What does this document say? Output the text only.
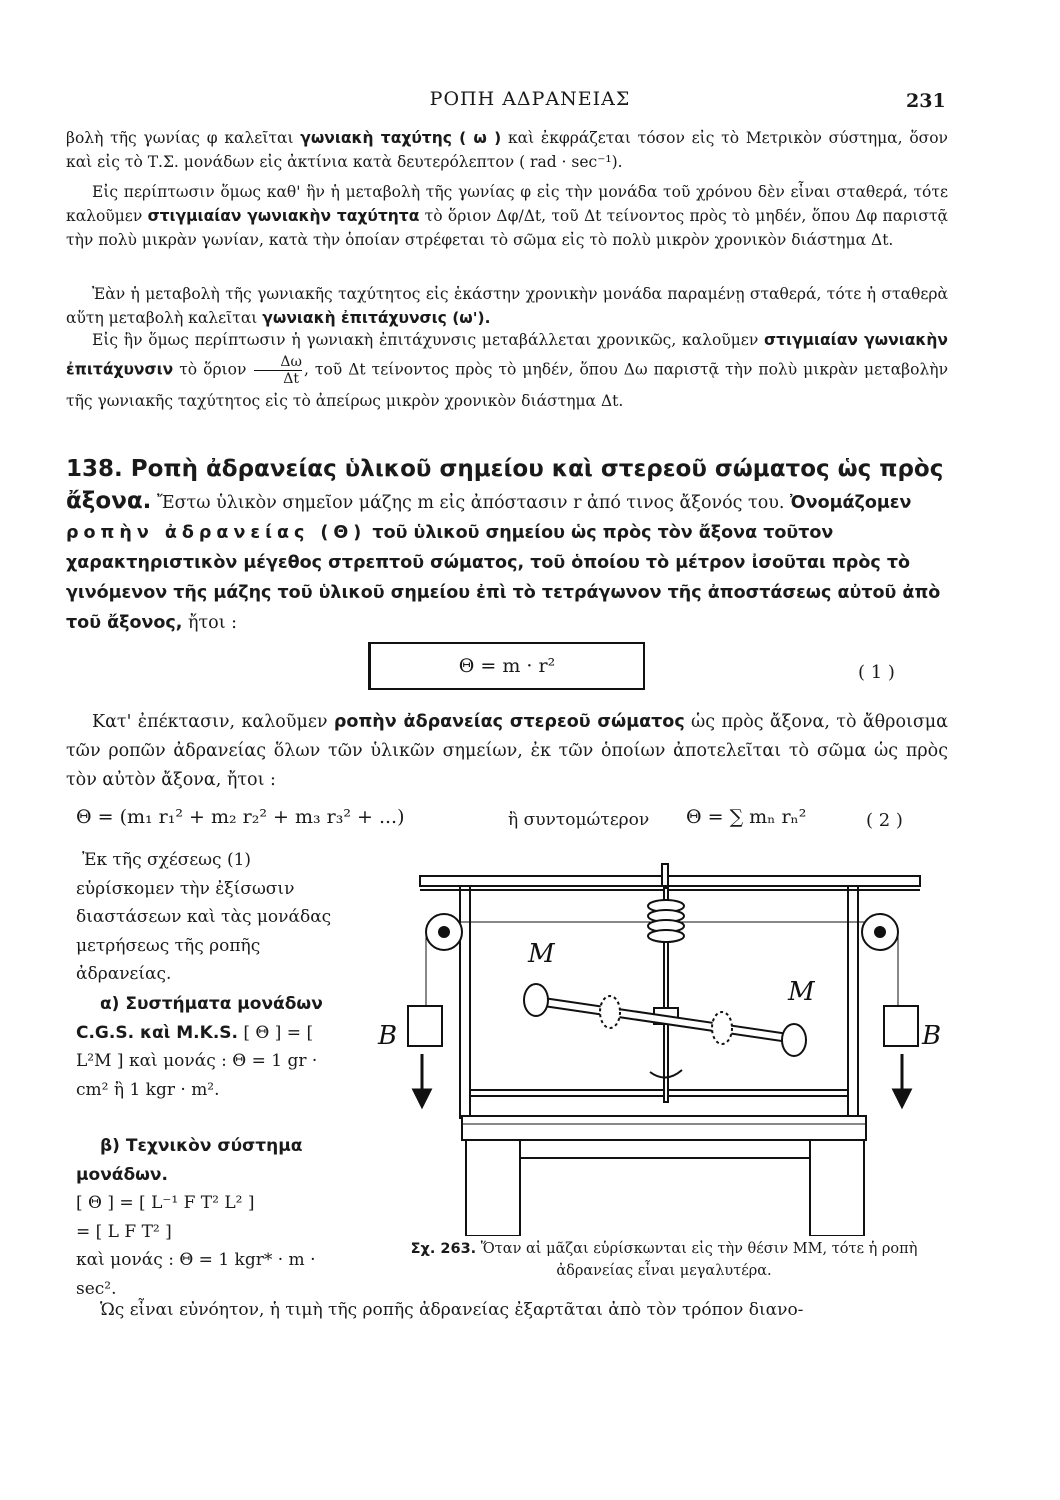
ΡΟΠΗ ΑΔΡΑΝΕΙΑΣ	231
βολὴ τῆς γωνίας φ καλεῖται γωνιακὴ ταχύτης ( ω ) καὶ ἐκφράζεται τόσον εἰς τὸ Μετρικὸν σύστημα, ὅσον καὶ εἰς τὸ Τ.Σ. μονάδων εἰς ἀκτίνια κατὰ δευτερόλεπτον ( rad · sec⁻¹).
Εἰς περίπτωσιν ὅμως καθ' ἣν ἡ μεταβολὴ τῆς γωνίας φ εἰς τὴν μονάδα τοῦ χρόνου δὲν εἶναι σταθερά, τότε καλοῦμεν στιγμιαίαν γωνιακὴν ταχύτητα τὸ ὅριον Δφ/Δt, τοῦ Δt τείνοντος πρὸς τὸ μηδέν, ὅπου Δφ παριστᾷ τὴν πολὺ μικρὰν γωνίαν, κατὰ τὴν ὁποίαν στρέφεται τὸ σῶμα εἰς τὸ πολὺ μικρὸν χρονικὸν διάστημα Δt.
Ἐὰν ἡ μεταβολὴ τῆς γωνιακῆς ταχύτητος εἰς ἑκάστην χρονικὴν μονάδα παραμένῃ σταθερά, τότε ἡ σταθερὰ αὕτη μεταβολὴ καλεῖται γωνιακὴ ἐπιτάχυνσις (ω').
Εἰς ἣν ὅμως περίπτωσιν ἡ γωνιακὴ ἐπιτάχυνσις μεταβάλλεται χρονικῶς, καλοῦμεν στιγμιαίαν γωνιακὴν ἐπιτάχυνσιν τὸ ὅριον $\frac{\Delta\omega}{\Delta t}$ , τοῦ Δt τείνοντος πρὸς τὸ μηδέν, ὅπου Δω παριστᾷ τὴν πολὺ μικρὰν μεταβολὴν τῆς γωνιακῆς ταχύτητος εἰς τὸ ἀπείρως μικρὸν χρονικὸν διάστημα Δt.
138. Ροπὴ ἀδρανείας ὑλικοῦ σημείου καὶ στερεοῦ σώματος ὡς πρὸς ἄξονα. Ἔστω ὑλικὸν σημεῖον μάζης m εἰς ἀπόστασιν r ἀπό τινος ἄξονός του. Ὀνομάζομεν ροπὴν ἀδρανείας (Θ) τοῦ ὑλικοῦ σημείου ὡς πρὸς τὸν ἄξονα τοῦτον χαρακτηριστικὸν μέγεθος στρεπτοῦ σώματος, τοῦ ὁποίου τὸ μέτρον ἰσοῦται πρὸς τὸ γινόμενον τῆς μάζης τοῦ ὑλικοῦ σημείου ἐπὶ τὸ τετράγωνον τῆς ἀποστάσεως αὐτοῦ ἀπὸ τοῦ ἄξονος, ἤτοι :
Θ = m · r²	( 1 )
Κατ' ἐπέκτασιν, καλοῦμεν ροπὴν ἀδρανείας στερεοῦ σώματος ὡς πρὸς ἄξονα, τὸ ἄθροισμα τῶν ροπῶν ἀδρανείας ὅλων τῶν ὑλικῶν σημείων, ἐκ τῶν ὁποίων ἀποτελεῖται τὸ σῶμα ὡς πρὸς τὸν αὐτὸν ἄξονα, ἤτοι :
Θ = (m₁ r₁² + m₂ r₂² + m₃ r₃² + ...)	ἢ συντομώτερον Θ = ∑ mₙ rₙ²	( 2 )
Ἐκ τῆς σχέσεως (1) εὑρίσκομεν τὴν ἐξίσωσιν διαστάσεων καὶ τὰς μονάδας μετρήσεως τῆς ροπῆς ἀδρανείας.
α) Συστήματα μονάδων C.G.S. καὶ M.K.S. [ Θ ] = [ L²M ] καὶ μονάς : Θ = 1 gr · cm² ἢ 1 kgr · m².
β) Τεχνικὸν σύστημα μονάδων.
[ Θ ] = [ L⁻¹ F T² L² ]
= [ L F T² ]
καὶ μονάς : Θ = 1 kgr* · m · sec².
M
M
B	B
Σχ. 263. Ὅταν αἱ μᾶζαι εὑρίσκωνται εἰς τὴν θέσιν ΜΜ, τότε ἡ ροπὴ ἀδρανείας εἶναι μεγαλυτέρα.
Ὡς εἶναι εὐνόητον, ἡ τιμὴ τῆς ροπῆς ἀδρανείας ἐξαρτᾶται ἀπὸ τὸν τρόπον διανο-
